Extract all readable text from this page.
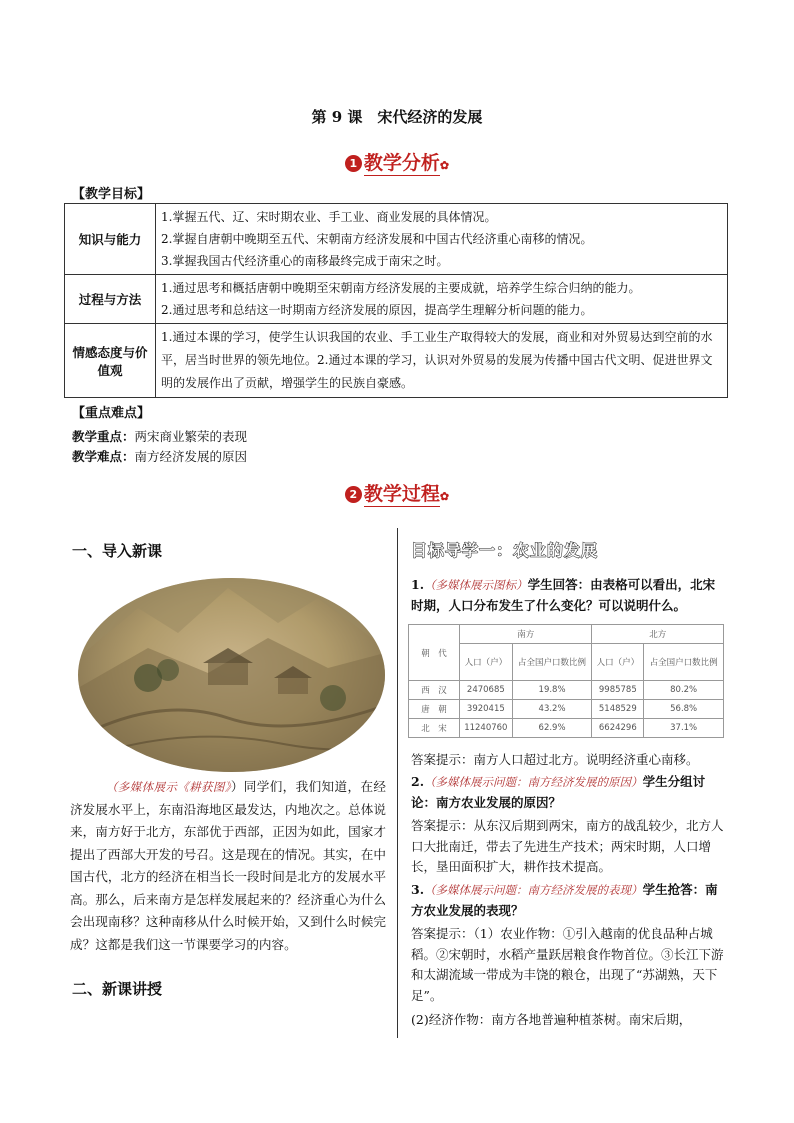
第 9 课　宋代经济的发展
1 教学分析✿
【教学目标】
知识与能力	1.掌握五代、辽、宋时期农业、手工业、商业发展的具体情况。
2.掌握自唐朝中晚期至五代、宋朝南方经济发展和中国古代经济重心南移的情况。
3.掌握我国古代经济重心的南移最终完成于南宋之时。

过程与方法	1.通过思考和概括唐朝中晚期至宋朝南方经济发展的主要成就，培养学生综合归纳的能力。
2.通过思考和总结这一时期南方经济发展的原因，提高学生理解分析问题的能力。

情感态度与价值观	1.通过本课的学习，使学生认识我国的农业、手工业生产取得较大的发展，商业和对外贸易达到空前的水平，居当时世界的领先地位。2.通过本课的学习，认识对外贸易的发展为传播中国古代文明、促进世界文明的发展作出了贡献，增强学生的民族自豪感。
【重点难点】
教学重点：两宋商业繁荣的表现
教学难点：南方经济发展的原因
2 教学过程✿
一、导入新课
（多媒体展示《耕获图》）同学们，我们知道，在经济发展水平上，东南沿海地区最发达，内地次之。总体说来，南方好于北方，东部优于西部，正因为如此，国家才提出了西部大开发的号召。这是现在的情况。其实，在中国古代，北方的经济在相当长一段时间是北方的发展水平高。那么，后来南方是怎样发展起来的？经济重心为什么会出现南移？这种南移从什么时候开始，又到什么时候完成？这都是我们这一节课要学习的内容。
二、新课讲授
目标导学一：农业的发展
1.（多媒体展示图标）学生回答：由表格可以看出，北宋时期，人口分布发生了什么变化？可以说明什么。
朝　代	南方		北方	
	人口（户）	占全国户口数比例	人口（户）	占全国户口数比例
西　汉	2470685	19.8%	9985785	80.2%
唐　朝	3920415	43.2%	5148529	56.8%
北　宋	11240760	62.9%	6624296	37.1%
答案提示：南方人口超过北方。说明经济重心南移。
2.（多媒体展示问题：南方经济发展的原因）学生分组讨论：南方农业发展的原因？
答案提示：从东汉后期到两宋，南方的战乱较少，北方人口大批南迁，带去了先进生产技术；两宋时期，人口增长，垦田面积扩大，耕作技术提高。
3.（多媒体展示问题：南方经济发展的表现）学生抢答：南方农业发展的表现？
答案提示：（1）农业作物：①引入越南的优良品种占城稻。②宋朝时，水稻产量跃居粮食作物首位。③长江下游和太湖流域一带成为丰饶的粮仓，出现了“苏湖熟，天下足”。
(2)经济作物：南方各地普遍种植茶树。南宋后期，
